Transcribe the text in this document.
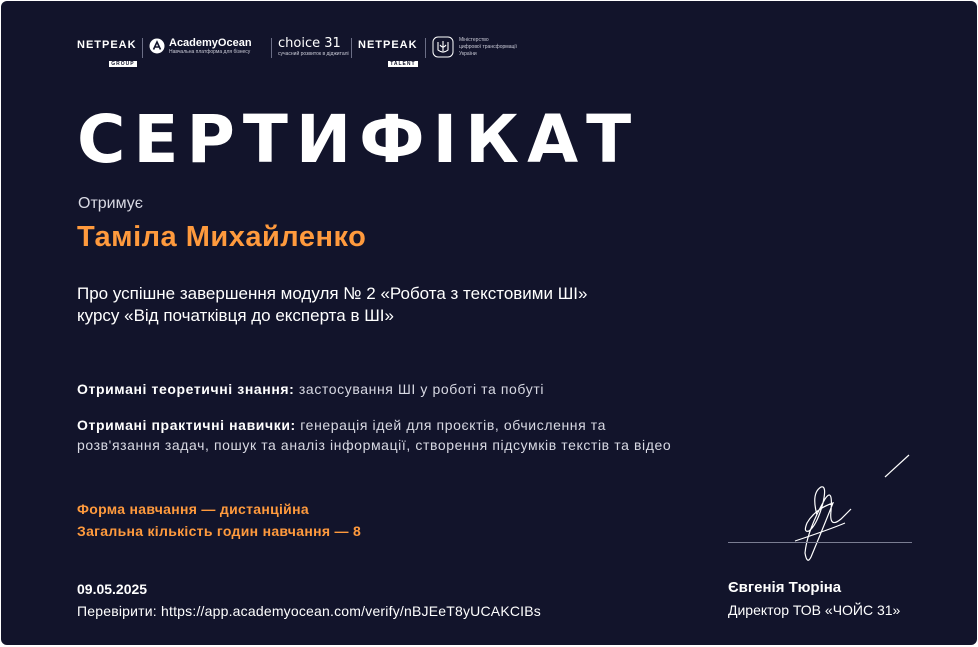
NETPEAK
GROUP
AcademyOcean
Навчальна платформа для бізнесу
choice 31
сучасний розвиток в діджиталі
NETPEAK
TALENT
Міністерство
цифрової трансформації
України
СЕРТИФІКАТ
Отримує
Таміла Михайленко
Про успішне завершення модуля № 2 «Робота з текстовими ШІ»
курсу «Від початківця до експерта в ШІ»
Отримані теоретичні знання: застосування ШІ у роботі та побуті
Отримані практичні навички: генерація ідей для проєктів, обчислення та
розв'язання задач, пошук та аналіз інформації, створення підсумків текстів та відео
Форма навчання — дистанційна
Загальна кількість годин навчання — 8
09.05.2025
Перевірити: https://app.academyocean.com/verify/nBJEeT8yUCAKCIBs
Євгенія Тюріна
Директор ТОВ «ЧОЙС 31»
